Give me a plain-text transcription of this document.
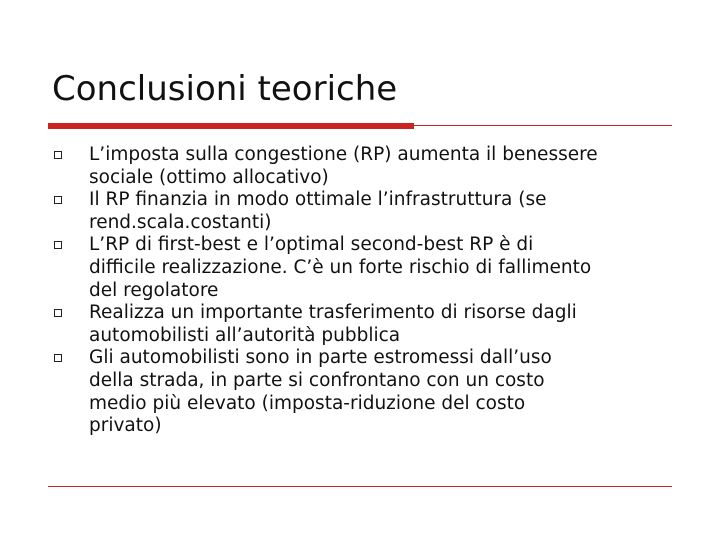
Conclusioni teoriche
L’imposta sulla congestione (RP) aumenta il benessere
sociale (ottimo allocativo)
Il RP finanzia in modo ottimale l’infrastruttura (se
rend.scala.costanti)
L’RP di first-best e l’optimal second-best RP è di
difficile realizzazione. C’è un forte rischio di fallimento
del regolatore
Realizza un importante trasferimento di risorse dagli
automobilisti all’autorità pubblica
Gli automobilisti sono in parte estromessi dall’uso
della strada, in parte si confrontano con un costo
medio più elevato (imposta-riduzione del costo
privato)
